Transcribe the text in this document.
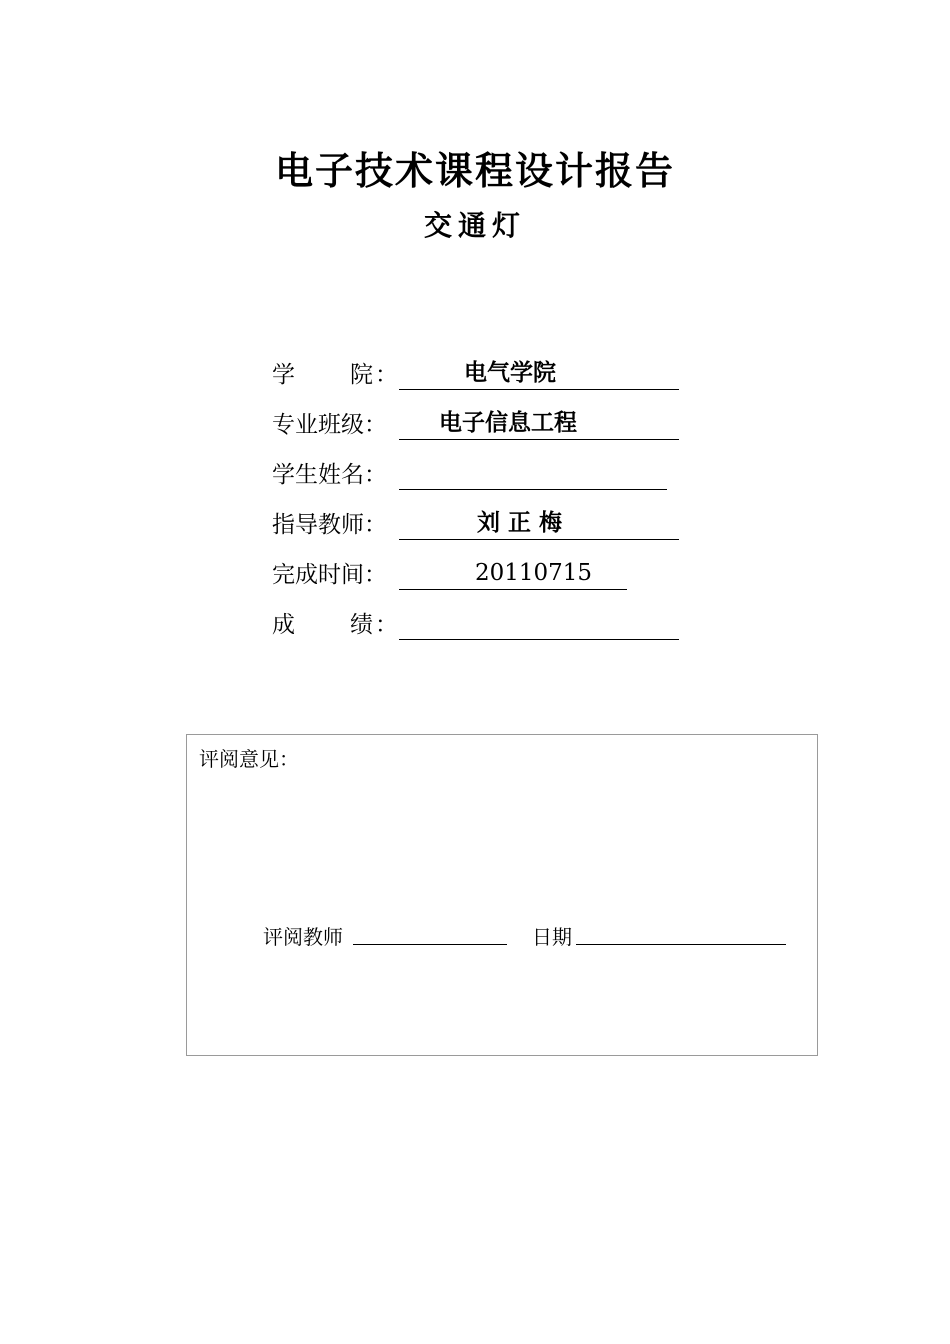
电子技术课程设计报告
交通灯
学 院 ：	电气学院
专业班级：	电子信息工程
学生姓名：
指导教师：	刘 正 梅
完成时间：	20110715
成 绩 ：
评阅意见：
评阅教师	日期
